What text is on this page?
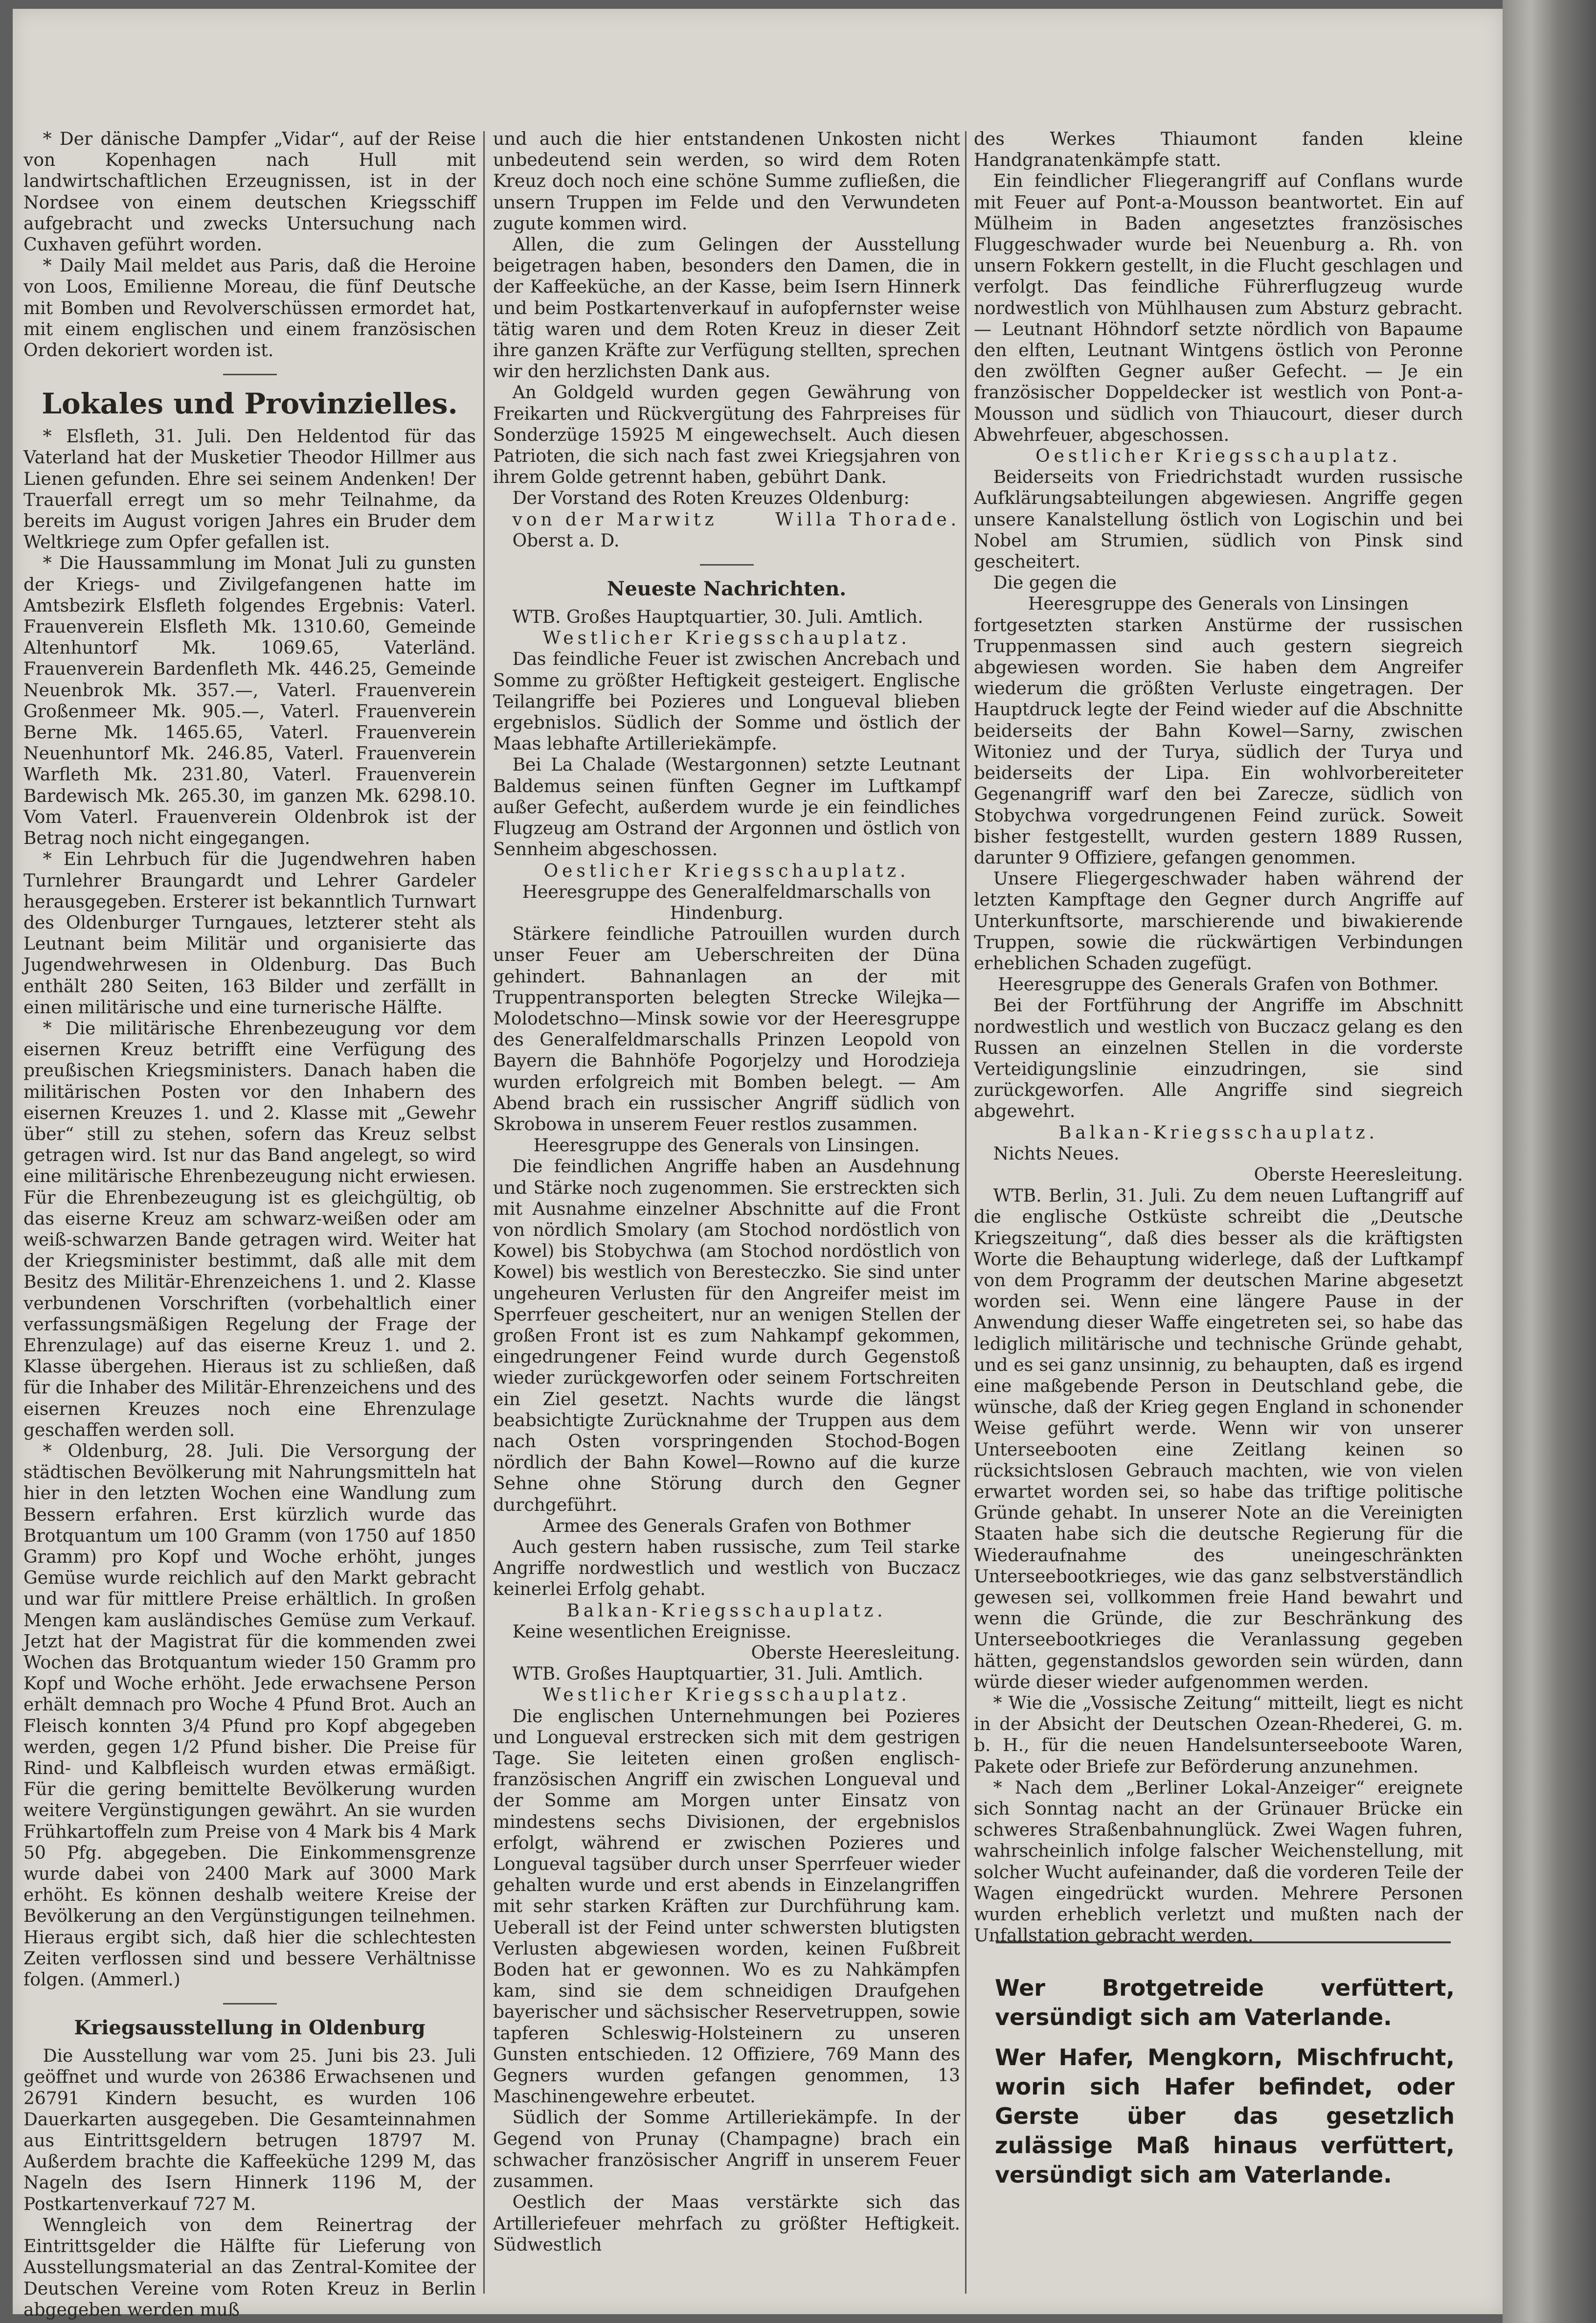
* Der dänische Dampfer „Vidar“, auf der Reise von Kopenhagen nach Hull mit landwirtschaftlichen Erzeugnissen, ist in der Nordsee von einem deutschen Kriegsschiff aufgebracht und zwecks Untersuchung nach Cuxhaven geführt worden.

* Daily Mail meldet aus Paris, daß die Heroine von Loos, Emilienne Moreau, die fünf Deutsche mit Bomben und Revolverschüssen ermordet hat, mit einem englischen und einem französischen Orden dekoriert worden ist.

Lokales und Provinzielles.

* Elsfleth, 31. Juli. Den Heldentod für das Vaterland hat der Musketier Theodor Hillmer aus Lienen gefunden. Ehre sei seinem Andenken! Der Trauerfall erregt um so mehr Teilnahme, da bereits im August vorigen Jahres ein Bruder dem Weltkriege zum Opfer gefallen ist.

* Die Haussammlung im Monat Juli zu gunsten der Kriegs- und Zivilgefangenen hatte im Amtsbezirk Elsfleth folgendes Ergebnis: Vaterl. Frauenverein Elsfleth Mk. 1310.60, Gemeinde Altenhuntorf Mk. 1069.65, Vaterländ. Frauenverein Bardenfleth Mk. 446.25, Gemeinde Neuenbrok Mk. 357.—, Vaterl. Frauenverein Großenmeer Mk. 905.—, Vaterl. Frauenverein Berne Mk. 1465.65, Vaterl. Frauenverein Neuenhuntorf Mk. 246.85, Vaterl. Frauenverein Warfleth Mk. 231.80, Vaterl. Frauenverein Bardewisch Mk. 265.30, im ganzen Mk. 6298.10. Vom Vaterl. Frauenverein Oldenbrok ist der Betrag noch nicht eingegangen.

* Ein Lehrbuch für die Jugendwehren haben Turnlehrer Braungardt und Lehrer Gardeler herausgegeben. Ersterer ist bekanntlich Turnwart des Oldenburger Turngaues, letzterer steht als Leutnant beim Militär und organisierte das Jugendwehrwesen in Oldenburg. Das Buch enthält 280 Seiten, 163 Bilder und zerfällt in einen militärische und eine turnerische Hälfte.

* Die militärische Ehrenbezeugung vor dem eisernen Kreuz betrifft eine Verfügung des preußischen Kriegsministers. Danach haben die militärischen Posten vor den Inhabern des eisernen Kreuzes 1. und 2. Klasse mit „Gewehr über“ still zu stehen, sofern das Kreuz selbst getragen wird. Ist nur das Band angelegt, so wird eine militärische Ehrenbezeugung nicht erwiesen. Für die Ehrenbezeugung ist es gleichgültig, ob das eiserne Kreuz am schwarz-weißen oder am weiß-schwarzen Bande getragen wird. Weiter hat der Kriegsminister bestimmt, daß alle mit dem Besitz des Militär-Ehrenzeichens 1. und 2. Klasse verbundenen Vorschriften (vorbehaltlich einer verfassungsmäßigen Regelung der Frage der Ehrenzulage) auf das eiserne Kreuz 1. und 2. Klasse übergehen. Hieraus ist zu schließen, daß für die Inhaber des Militär-Ehrenzeichens und des eisernen Kreuzes noch eine Ehrenzulage geschaffen werden soll.

* Oldenburg, 28. Juli. Die Versorgung der städtischen Bevölkerung mit Nahrungsmitteln hat hier in den letzten Wochen eine Wandlung zum Bessern erfahren. Erst kürzlich wurde das Brotquantum um 100 Gramm (von 1750 auf 1850 Gramm) pro Kopf und Woche erhöht, junges Gemüse wurde reichlich auf den Markt gebracht und war für mittlere Preise erhältlich. In großen Mengen kam ausländisches Gemüse zum Verkauf. Jetzt hat der Magistrat für die kommenden zwei Wochen das Brotquantum wieder 150 Gramm pro Kopf und Woche erhöht. Jede erwachsene Person erhält demnach pro Woche 4 Pfund Brot. Auch an Fleisch konnten 3/4 Pfund pro Kopf abgegeben werden, gegen 1/2 Pfund bisher. Die Preise für Rind- und Kalbfleisch wurden etwas ermäßigt. Für die gering bemittelte Bevölkerung wurden weitere Vergünstigungen gewährt. An sie wurden Frühkartoffeln zum Preise von 4 Mark bis 4 Mark 50 Pfg. abgegeben. Die Einkommensgrenze wurde dabei von 2400 Mark auf 3000 Mark erhöht. Es können deshalb weitere Kreise der Bevölkerung an den Vergünstigungen teilnehmen. Hieraus ergibt sich, daß hier die schlechtesten Zeiten verflossen sind und bessere Verhältnisse folgen. (Ammerl.)

Kriegsausstellung in Oldenburg

Die Ausstellung war vom 25. Juni bis 23. Juli geöffnet und wurde von 26386 Erwachsenen und 26791 Kindern besucht, es wurden 106 Dauerkarten ausgegeben. Die Gesamteinnahmen aus Eintrittsgeldern betrugen 18797 M. Außerdem brachte die Kaffeeküche 1299 M, das Nageln des Isern Hinnerk 1196 M, der Postkartenverkauf 727 M.

Wenngleich von dem Reinertrag der Eintrittsgelder die Hälfte für Lieferung von Ausstellungsmaterial an das Zentral-Komitee der Deutschen Vereine vom Roten Kreuz in Berlin abgegeben werden muß

und auch die hier entstandenen Unkosten nicht unbedeutend sein werden, so wird dem Roten Kreuz doch noch eine schöne Summe zufließen, die unsern Truppen im Felde und den Verwundeten zugute kommen wird.

Allen, die zum Gelingen der Ausstellung beigetragen haben, besonders den Damen, die in der Kaffeeküche, an der Kasse, beim Isern Hinnerk und beim Postkartenverkauf in aufopfernster weise tätig waren und dem Roten Kreuz in dieser Zeit ihre ganzen Kräfte zur Verfügung stellten, sprechen wir den herzlichsten Dank aus.

An Goldgeld wurden gegen Gewährung von Freikarten und Rückvergütung des Fahrpreises für Sonderzüge 15925 M eingewechselt. Auch diesen Patrioten, die sich nach fast zwei Kriegsjahren von ihrem Golde getrennt haben, gebührt Dank.

Der Vorstand des Roten Kreuzes Oldenburg:

von der Marwitz	Willa Thorade.

Oberst a. D.

Neueste Nachrichten.

WTB. Großes Hauptquartier, 30. Juli. Amtlich.

Westlicher Kriegsschauplatz.

Das feindliche Feuer ist zwischen Ancrebach und Somme zu größter Heftigkeit gesteigert. Englische Teilangriffe bei Pozieres und Longueval blieben ergebnislos. Südlich der Somme und östlich der Maas lebhafte Artilleriekämpfe.

Bei La Chalade (Westargonnen) setzte Leutnant Baldemus seinen fünften Gegner im Luftkampf außer Gefecht, außerdem wurde je ein feindliches Flugzeug am Ostrand der Argonnen und östlich von Sennheim abgeschossen.

Oestlicher Kriegsschauplatz.

Heeresgruppe des Generalfeldmarschalls von Hindenburg.

Stärkere feindliche Patrouillen wurden durch unser Feuer am Ueberschreiten der Düna gehindert. Bahnanlagen an der mit Truppentransporten belegten Strecke Wilejka—Molodetschno—Minsk sowie vor der Heeresgruppe des Generalfeldmarschalls Prinzen Leopold von Bayern die Bahnhöfe Pogorjelzy und Horodzieja wurden erfolgreich mit Bomben belegt. — Am Abend brach ein russischer Angriff südlich von Skrobowa in unserem Feuer restlos zusammen.

Heeresgruppe des Generals von Linsingen.

Die feindlichen Angriffe haben an Ausdehnung und Stärke noch zugenommen. Sie erstreckten sich mit Ausnahme einzelner Abschnitte auf die Front von nördlich Smolary (am Stochod nordöstlich von Kowel) bis Stobychwa (am Stochod nordöstlich von Kowel) bis westlich von Beresteczko. Sie sind unter ungeheuren Verlusten für den Angreifer meist im Sperrfeuer gescheitert, nur an wenigen Stellen der großen Front ist es zum Nahkampf gekommen, eingedrungener Feind wurde durch Gegenstoß wieder zurückgeworfen oder seinem Fortschreiten ein Ziel gesetzt. Nachts wurde die längst beabsichtigte Zurücknahme der Truppen aus dem nach Osten vorspringenden Stochod-Bogen nördlich der Bahn Kowel—Rowno auf die kurze Sehne ohne Störung durch den Gegner durchgeführt.

Armee des Generals Grafen von Bothmer

Auch gestern haben russische, zum Teil starke Angriffe nordwestlich und westlich von Buczacz keinerlei Erfolg gehabt.

Balkan-Kriegsschauplatz.

Keine wesentlichen Ereignisse.

Oberste Heeresleitung.

WTB. Großes Hauptquartier, 31. Juli. Amtlich.

Westlicher Kriegsschauplatz.

Die englischen Unternehmungen bei Pozieres und Longueval erstrecken sich mit dem gestrigen Tage. Sie leiteten einen großen englisch-französischen Angriff ein zwischen Longueval und der Somme am Morgen unter Einsatz von mindestens sechs Divisionen, der ergebnislos erfolgt, während er zwischen Pozieres und Longueval tagsüber durch unser Sperrfeuer wieder gehalten wurde und erst abends in Einzelangriffen mit sehr starken Kräften zur Durchführung kam. Ueberall ist der Feind unter schwersten blutigsten Verlusten abgewiesen worden, keinen Fußbreit Boden hat er gewonnen. Wo es zu Nahkämpfen kam, sind sie dem schneidigen Draufgehen bayerischer und sächsischer Reservetruppen, sowie tapferen Schleswig-Holsteinern zu unseren Gunsten entschieden. 12 Offiziere, 769 Mann des Gegners wurden gefangen genommen, 13 Maschinengewehre erbeutet.

Südlich der Somme Artilleriekämpfe. In der Gegend von Prunay (Champagne) brach ein schwacher französischer Angriff in unserem Feuer zusammen.

Oestlich der Maas verstärkte sich das Artilleriefeuer mehrfach zu größter Heftigkeit. Südwestlich

des Werkes Thiaumont fanden kleine Handgranatenkämpfe statt.

Ein feindlicher Fliegerangriff auf Conflans wurde mit Feuer auf Pont-a-Mousson beantwortet. Ein auf Mülheim in Baden angesetztes französisches Fluggeschwader wurde bei Neuenburg a. Rh. von unsern Fokkern gestellt, in die Flucht geschlagen und verfolgt. Das feindliche Führerflugzeug wurde nordwestlich von Mühlhausen zum Absturz gebracht. — Leutnant Höhndorf setzte nördlich von Bapaume den elften, Leutnant Wintgens östlich von Peronne den zwölften Gegner außer Gefecht. — Je ein französischer Doppeldecker ist westlich von Pont-a-Mousson und südlich von Thiaucourt, dieser durch Abwehrfeuer, abgeschossen.

Oestlicher Kriegsschauplatz.

Beiderseits von Friedrichstadt wurden russische Aufklärungsabteilungen abgewiesen. Angriffe gegen unsere Kanalstellung östlich von Logischin und bei Nobel am Strumien, südlich von Pinsk sind gescheitert.

Die gegen die

Heeresgruppe des Generals von Linsingen

fortgesetzten starken Anstürme der russischen Truppenmassen sind auch gestern siegreich abgewiesen worden. Sie haben dem Angreifer wiederum die größten Verluste eingetragen. Der Hauptdruck legte der Feind wieder auf die Abschnitte beiderseits der Bahn Kowel—Sarny, zwischen Witoniez und der Turya, südlich der Turya und beiderseits der Lipa. Ein wohlvorbereiteter Gegenangriff warf den bei Zarecze, südlich von Stobychwa vorgedrungenen Feind zurück. Soweit bisher festgestellt, wurden gestern 1889 Russen, darunter 9 Offiziere, gefangen genommen.

Unsere Fliegergeschwader haben während der letzten Kampftage den Gegner durch Angriffe auf Unterkunftsorte, marschierende und biwakierende Truppen, sowie die rückwärtigen Verbindungen erheblichen Schaden zugefügt.

Heeresgruppe des Generals Grafen von Bothmer.

Bei der Fortführung der Angriffe im Abschnitt nordwestlich und westlich von Buczacz gelang es den Russen an einzelnen Stellen in die vorderste Verteidigungslinie einzudringen, sie sind zurückgeworfen. Alle Angriffe sind siegreich abgewehrt.

Balkan-Kriegsschauplatz.

Nichts Neues.

Oberste Heeresleitung.

WTB. Berlin, 31. Juli. Zu dem neuen Luftangriff auf die englische Ostküste schreibt die „Deutsche Kriegszeitung“, daß dies besser als die kräftigsten Worte die Behauptung widerlege, daß der Luftkampf von dem Programm der deutschen Marine abgesetzt worden sei. Wenn eine längere Pause in der Anwendung dieser Waffe eingetreten sei, so habe das lediglich militärische und technische Gründe gehabt, und es sei ganz unsinnig, zu behaupten, daß es irgend eine maßgebende Person in Deutschland gebe, die wünsche, daß der Krieg gegen England in schonender Weise geführt werde. Wenn wir von unserer Unterseebooten eine Zeitlang keinen so rücksichtslosen Gebrauch machten, wie von vielen erwartet worden sei, so habe das triftige politische Gründe gehabt. In unserer Note an die Vereinigten Staaten habe sich die deutsche Regierung für die Wiederaufnahme des uneingeschränkten Unterseebootkrieges, wie das ganz selbstverständlich gewesen sei, vollkommen freie Hand bewahrt und wenn die Gründe, die zur Beschränkung des Unterseebootkrieges die Veranlassung gegeben hätten, gegenstandslos geworden sein würden, dann würde dieser wieder aufgenommen werden.

* Wie die „Vossische Zeitung“ mitteilt, liegt es nicht in der Absicht der Deutschen Ozean-Rhederei, G. m. b. H., für die neuen Handelsunterseeboote Waren, Pakete oder Briefe zur Beförderung anzunehmen.

* Nach dem „Berliner Lokal-Anzeiger“ ereignete sich Sonntag nacht an der Grünauer Brücke ein schweres Straßenbahnunglück. Zwei Wagen fuhren, wahrscheinlich infolge falscher Weichenstellung, mit solcher Wucht aufeinander, daß die vorderen Teile der Wagen eingedrückt wurden. Mehrere Personen wurden erheblich verletzt und mußten nach der Unfallstation gebracht werden.

Wer Brotgetreide verfüttert, versündigt sich am Vaterlande.

Wer Hafer, Mengkorn, Mischfrucht, worin sich Hafer befindet, oder Gerste über das gesetzlich zulässige Maß hinaus verfüttert, versündigt sich am Vaterlande.
